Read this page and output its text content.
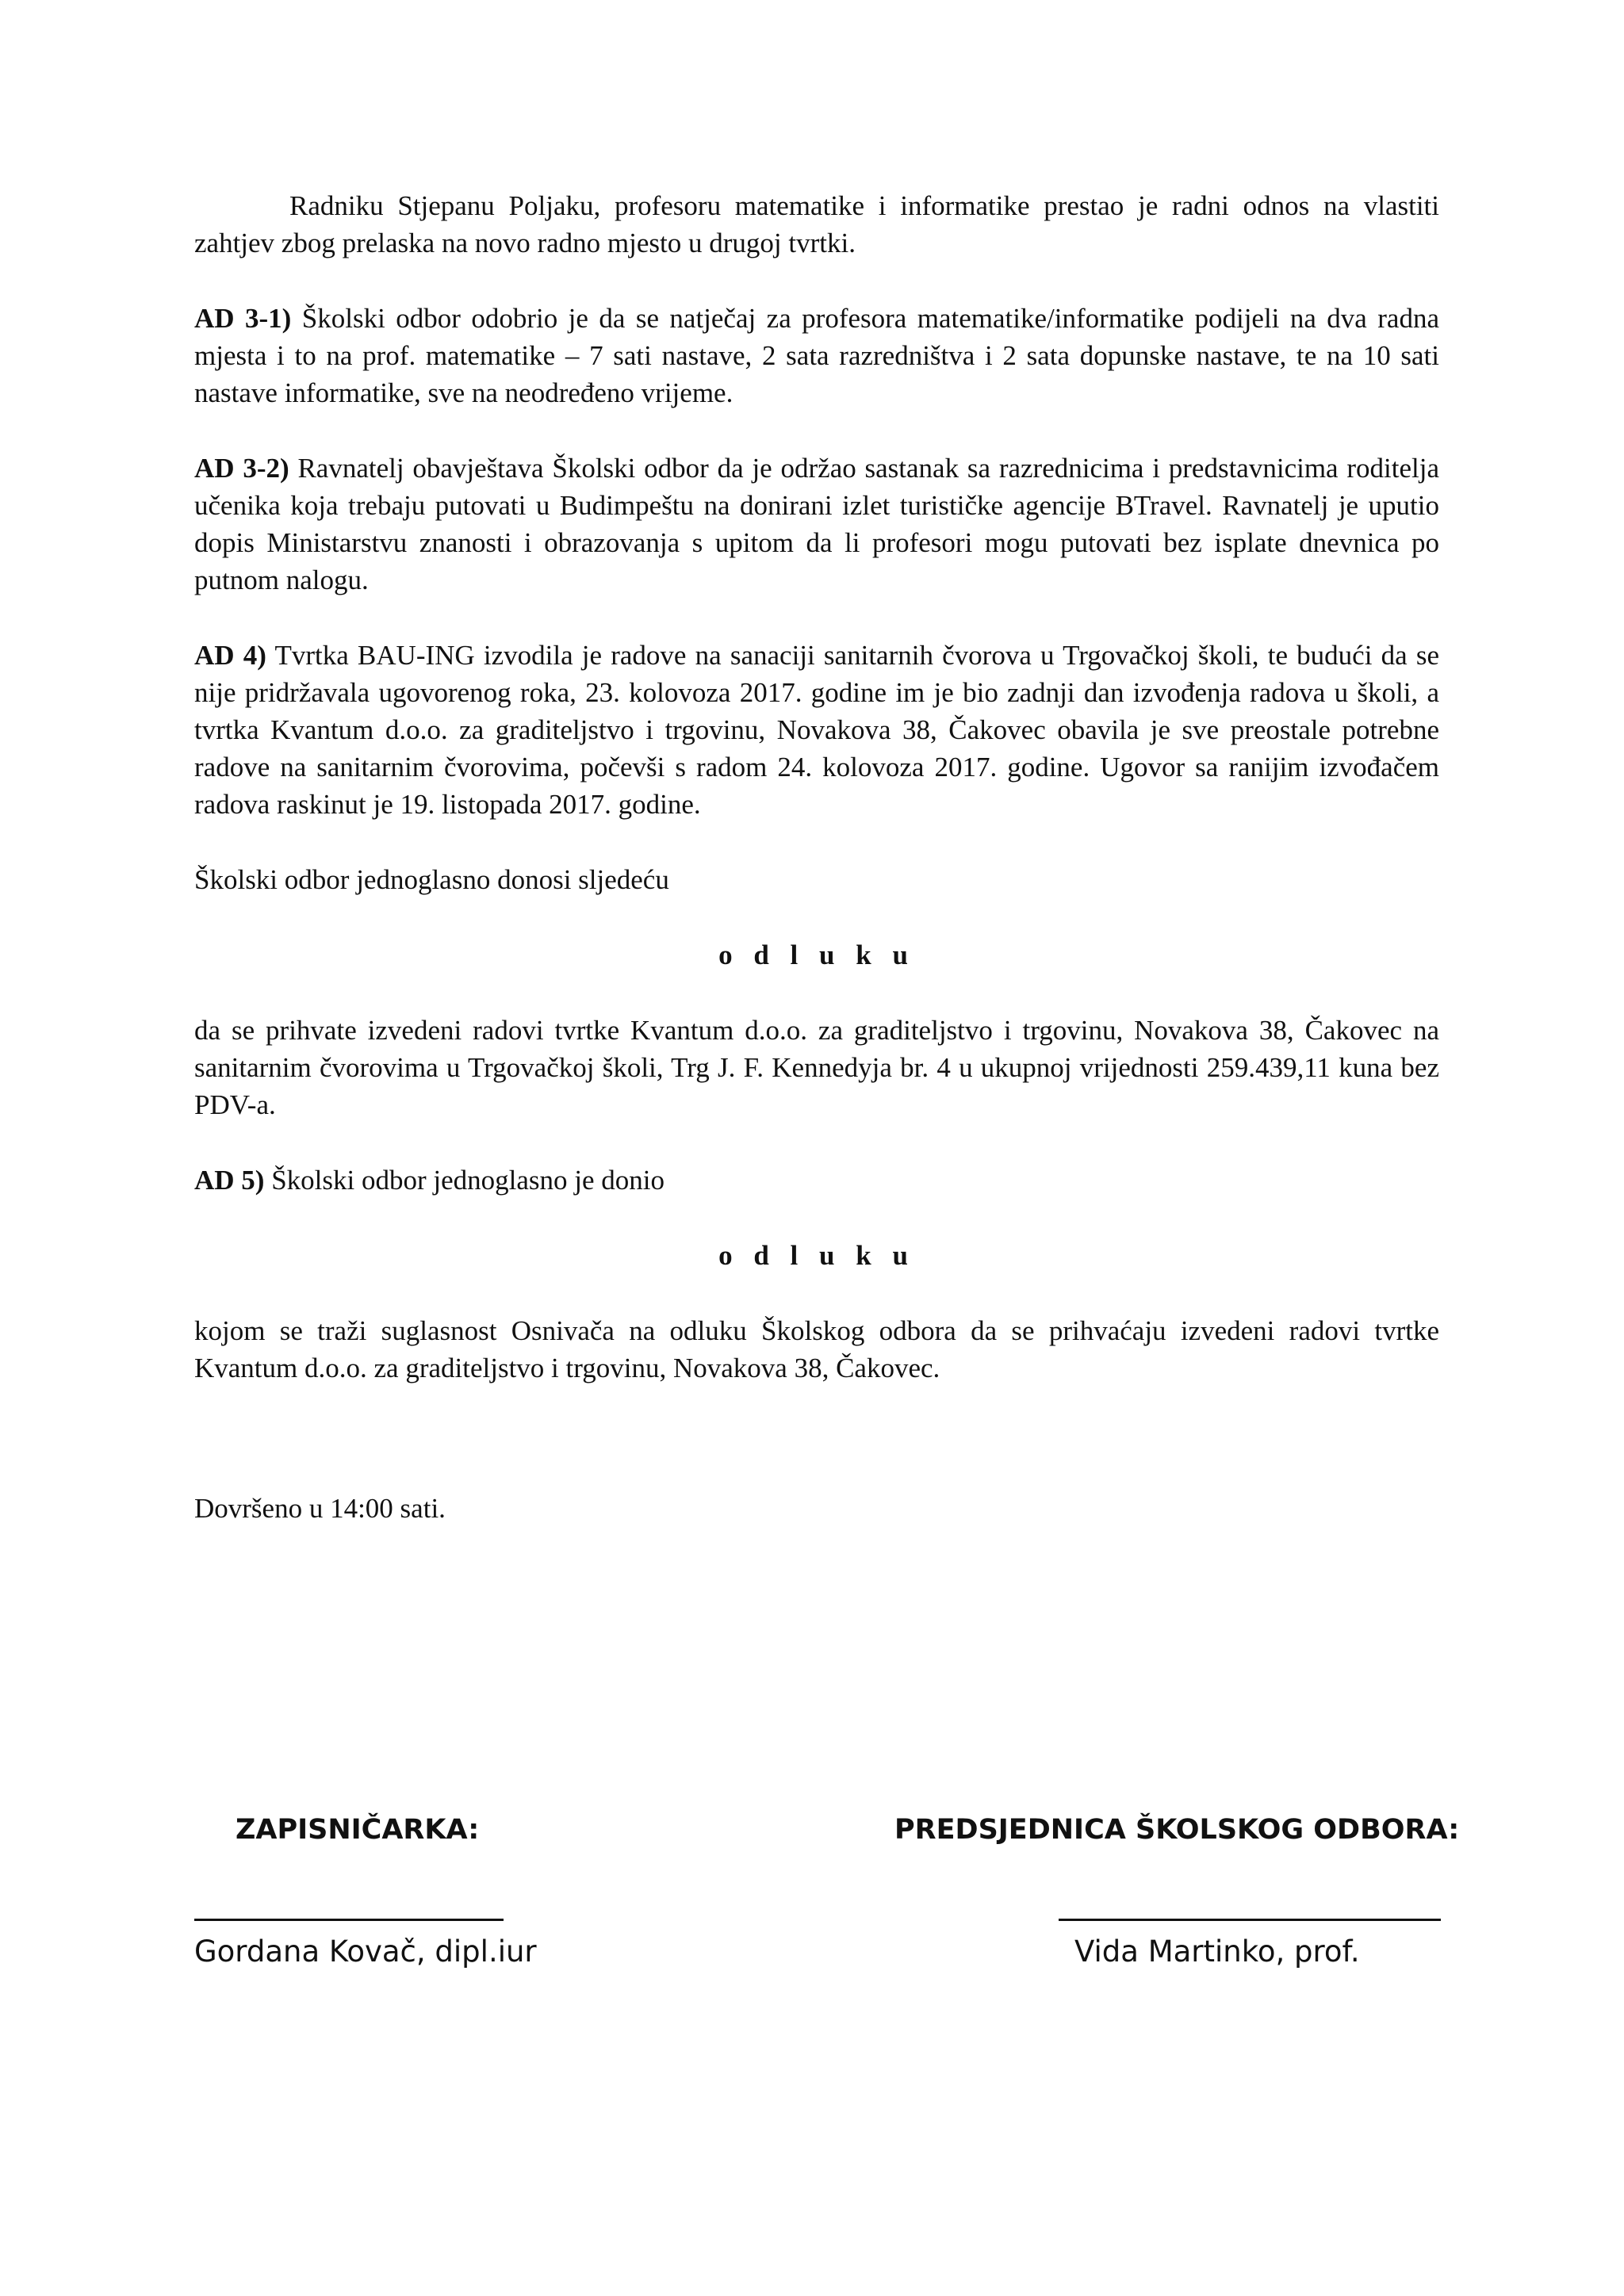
Radniku Stjepanu Poljaku, profesoru matematike i informatike prestao je radni odnos na vlastiti zahtjev zbog prelaska na novo radno mjesto u drugoj tvrtki.

AD 3-1) Školski odbor odobrio je da se natječaj za profesora matematike/informatike podijeli na dva radna mjesta i to na prof. matematike – 7 sati nastave, 2 sata razredništva i 2 sata dopunske nastave, te na 10 sati nastave informatike, sve na neodređeno vrijeme.

AD 3-2) Ravnatelj obavještava Školski odbor da je održao sastanak sa razrednicima i predstavnicima roditelja učenika koja trebaju putovati u Budimpeštu na donirani izlet turističke agencije BTravel. Ravnatelj je uputio dopis Ministarstvu znanosti i obrazovanja s upitom da li profesori mogu putovati bez isplate dnevnica po putnom nalogu.

AD 4) Tvrtka BAU-ING izvodila je radove na sanaciji sanitarnih čvorova u Trgovačkoj školi, te budući da se nije pridržavala ugovorenog roka, 23. kolovoza 2017. godine im je bio zadnji dan izvođenja radova u školi, a tvrtka Kvantum d.o.o. za graditeljstvo i trgovinu, Novakova 38, Čakovec obavila je sve preostale potrebne radove na sanitarnim čvorovima, počevši s radom 24. kolovoza 2017. godine. Ugovor sa ranijim izvođačem radova raskinut je 19. listopada 2017. godine.

Školski odbor jednoglasno donosi sljedeću

o d l u k u

da se prihvate izvedeni radovi tvrtke Kvantum d.o.o. za graditeljstvo i trgovinu, Novakova 38, Čakovec na sanitarnim čvorovima u Trgovačkoj školi, Trg J. F. Kennedyja br. 4 u ukupnoj vrijednosti 259.439,11 kuna bez PDV-a.

AD 5) Školski odbor jednoglasno je donio

o d l u k u

kojom se traži suglasnost Osnivača na odluku Školskog odbora da se prihvaćaju izvedeni radovi tvrtke Kvantum d.o.o. za graditeljstvo i trgovinu, Novakova 38, Čakovec.

Dovršeno u 14:00 sati.

ZAPISNIČARKA:
Gordana Kovač, dipl.iur
PREDSJEDNICA ŠKOLSKOG ODBORA:
Vida Martinko, prof.
